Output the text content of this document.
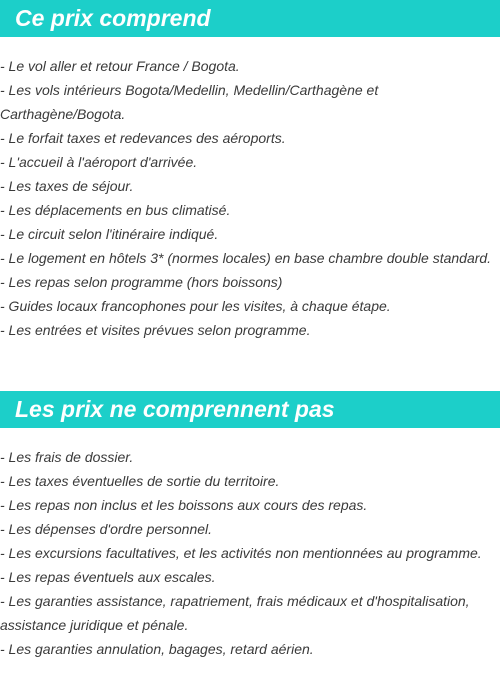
Ce prix comprend
- Le vol aller et retour France / Bogota.
- Les vols intérieurs Bogota/Medellin, Medellin/Carthagène et Carthagène/Bogota.
- Le forfait taxes et redevances des aéroports.
- L'accueil à l'aéroport d'arrivée.
- Les taxes de séjour.
- Les déplacements en bus climatisé.
- Le circuit selon l'itinéraire indiqué.
- Le logement en hôtels 3* (normes locales) en base chambre double standard.
- Les repas selon programme (hors boissons)
- Guides locaux francophones pour les visites, à chaque étape.
- Les entrées et visites prévues selon programme.
Les prix ne comprennent pas
- Les frais de dossier.
- Les taxes éventuelles de sortie du territoire.
- Les repas non inclus et les boissons aux cours des repas.
- Les dépenses d'ordre personnel.
- Les excursions facultatives, et les activités non mentionnées au programme.
- Les repas éventuels aux escales.
- Les garanties assistance, rapatriement, frais médicaux et d'hospitalisation, assistance juridique et pénale.
- Les garanties annulation, bagages, retard aérien.
